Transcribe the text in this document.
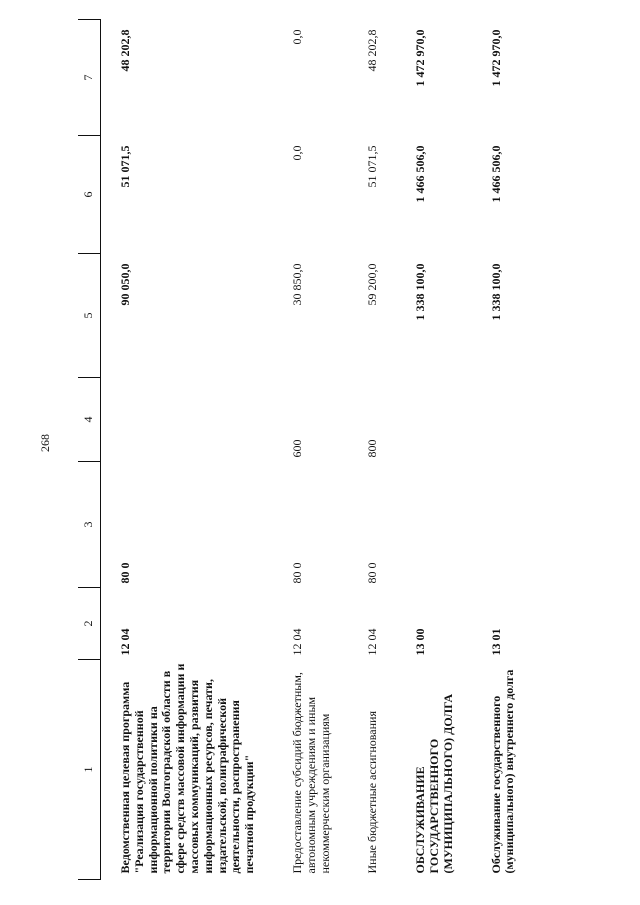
268
1	2	3	4	5	6	7
Ведомственная целевая программа "Реализация государственной информационной политики на территории Волгоградской области в сфере средств массовой информации и массовых коммуникаций, развития информационных ресурсов, печати, издательской, полиграфической деятельности, распространения печатной продукции"	12 04	80 0		90 050,0	51 071,5	48 202,8
Предоставление субсидий бюджетным, автономным учреждениям и иным некоммерческим организациям	12 04	80 0	600	30 850,0	0,0	0,0
Иные бюджетные ассигнования	12 04	80 0	800	59 200,0	51 071,5	48 202,8
ОБСЛУЖИВАНИЕ ГОСУДАРСТВЕННОГО (МУНИЦИПАЛЬНОГО) ДОЛГА	13 00			1 338 100,0	1 466 506,0	1 472 970,0
Обслуживание государственного (муниципального) внутреннего долга	13 01			1 338 100,0	1 466 506,0	1 472 970,0
